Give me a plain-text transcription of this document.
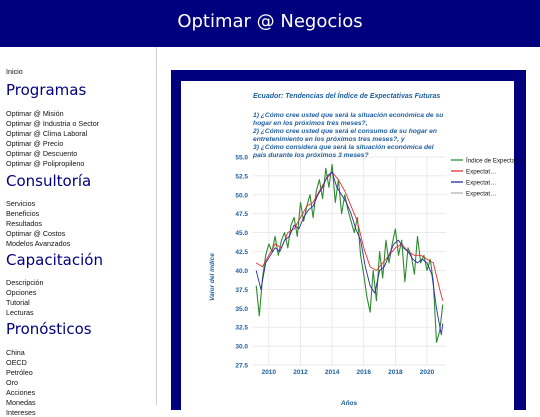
Optimar @ Negocios
Inicio
Programas
Optimar @ Misión
Optimar @ Industria o Sector
Optimar @ Clima Laboral
Optimar @ Precio
Optimar @ Descuento
Optimar @ Polipropileno
Consultoría
Servicios
Beneficios
Resultados
Optimar @ Costos
Modelos Avanzados
Capacitación
Descripción
Opciones
Tutorial
Lecturas
Pronósticos
China
OECD
Petróleo
Oro
Acciones
Monedas
Intereses
27.5
30.0
32.5
35.0
37.5
40.0
42.5
45.0
47.5
50.0
52.5
55.0
2010	2012	2014	2016	2018	2020
Índice de Expectat…
Expectat…
Expectat…
Expectat…
Ecuador: Tendencias del Índice de Expectativas Futuras
1) ¿Cómo cree usted que será la situación económica de su
hogar en los próximos tres meses?,
2) ¿Cómo cree usted que será el consumo de su hogar en
entretenimiento en los próximos tres meses?, y
3) ¿Cómo considera que será la situación económica del
país durante los próximos 3 meses?
Valor del índice
Años
